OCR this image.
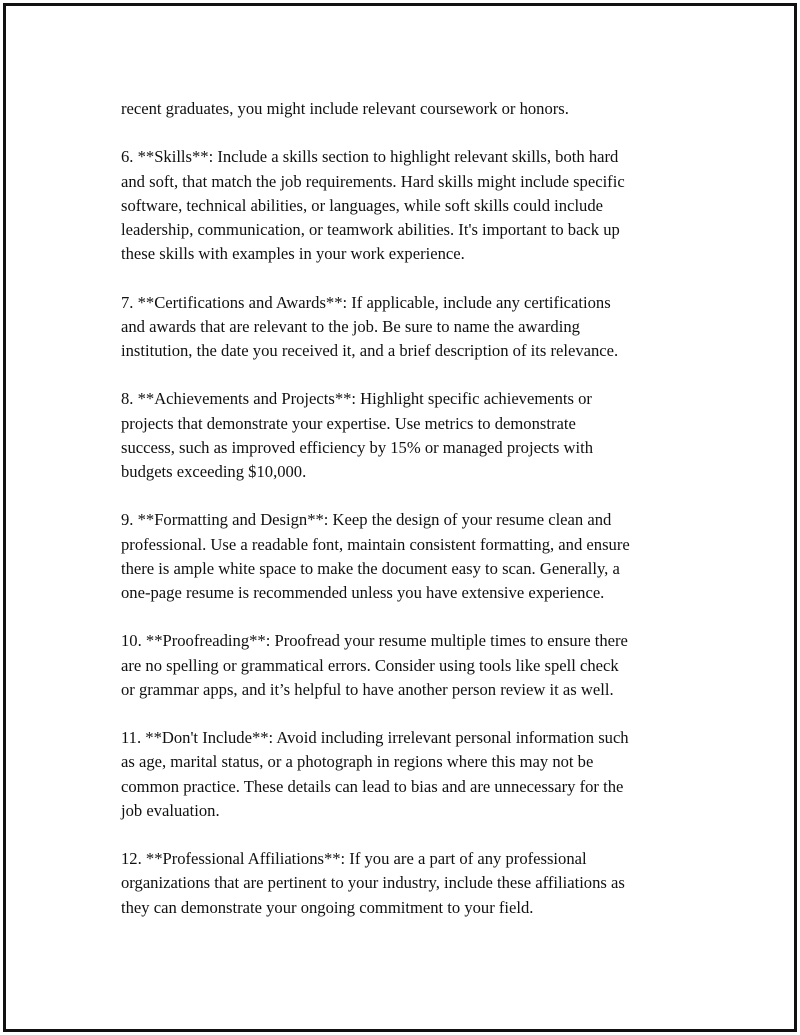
recent graduates, you might include relevant coursework or honors.

6. **Skills**: Include a skills section to highlight relevant skills, both hard
and soft, that match the job requirements. Hard skills might include specific
software, technical abilities, or languages, while soft skills could include
leadership, communication, or teamwork abilities. It's important to back up
these skills with examples in your work experience.

7. **Certifications and Awards**: If applicable, include any certifications
and awards that are relevant to the job. Be sure to name the awarding
institution, the date you received it, and a brief description of its relevance.

8. **Achievements and Projects**: Highlight specific achievements or
projects that demonstrate your expertise. Use metrics to demonstrate
success, such as improved efficiency by 15% or managed projects with
budgets exceeding $10,000.

9. **Formatting and Design**: Keep the design of your resume clean and
professional. Use a readable font, maintain consistent formatting, and ensure
there is ample white space to make the document easy to scan. Generally, a
one-page resume is recommended unless you have extensive experience.

10. **Proofreading**: Proofread your resume multiple times to ensure there
are no spelling or grammatical errors. Consider using tools like spell check
or grammar apps, and it’s helpful to have another person review it as well.

11. **Don't Include**: Avoid including irrelevant personal information such
as age, marital status, or a photograph in regions where this may not be
common practice. These details can lead to bias and are unnecessary for the
job evaluation.

12. **Professional Affiliations**: If you are a part of any professional
organizations that are pertinent to your industry, include these affiliations as
they can demonstrate your ongoing commitment to your field.
